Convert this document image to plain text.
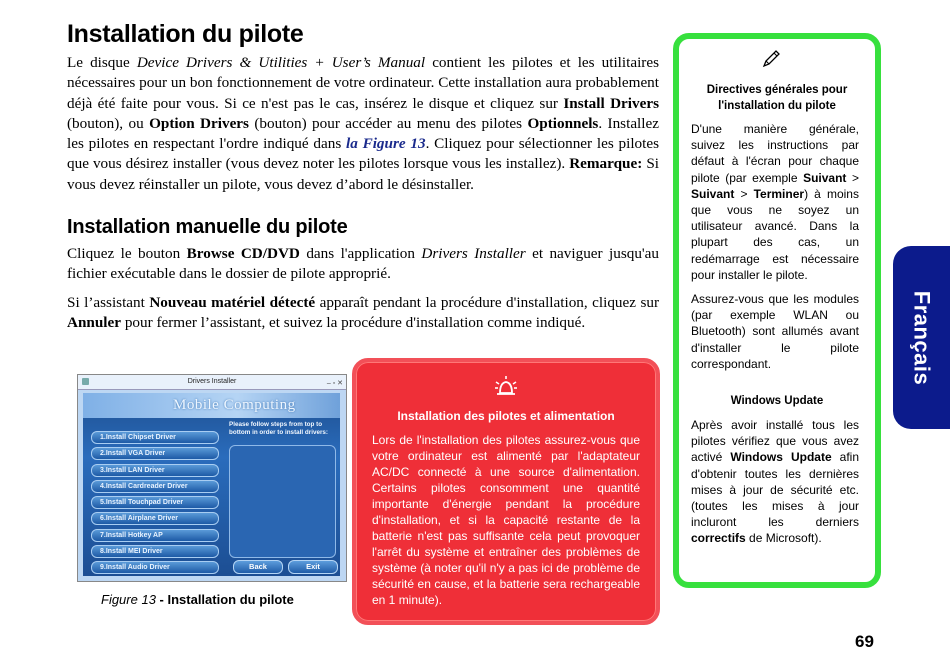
Installation du pilote
Le disque Device Drivers & Utilities + User’s Manual contient les pilotes et les utilitaires nécessaires pour un bon fonctionnement de votre ordinateur. Cette installation aura probablement déjà été faite pour vous. Si ce n'est pas le cas, insérez le disque et cliquez sur Install Drivers (bouton), ou Option Drivers (bouton) pour accéder au menu des pilotes Optionnels. Installez les pilotes en respectant l'ordre indiqué dans la Figure 13. Cliquez pour sélectionner les pilotes que vous désirez installer (vous devez noter les pilotes lorsque vous les installez). Remarque: Si vous devez réinstaller un pilote, vous devez d’abord le désinstaller.
Installation manuelle du pilote
Cliquez le bouton Browse CD/DVD dans l'application Drivers Installer et naviguer jusqu'au fichier exécutable dans le dossier de pilote approprié.
Si l’assistant Nouveau matériel détecté apparaît pendant la procédure d'installation, cliquez sur Annuler pour fermer l’assistant, et suivez la procédure d'installation comme indiqué.
Drivers Installer	– ▫ ✕
Mobile Computing
1.Install Chipset Driver
2.Install VGA Driver
3.Install LAN Driver
4.Install Cardreader Driver
5.Install Touchpad Driver
6.Install Airplane Driver
7.Install Hotkey AP
8.Install MEI Driver
9.Install Audio Driver
Please follow steps from top to bottom in order to install drivers:
Back	Exit
Figure 13 - Installation du pilote
Installation des pilotes et alimentation
Lors de l'installation des pilotes assurez-vous que votre ordinateur est alimenté par l'adaptateur AC/DC connecté à une source d'alimentation. Certains pilotes consomment une quantité importante d'énergie pendant la procédure d'installation, et si la capacité restante de la batterie n'est pas suffisante cela peut provoquer l'arrêt du système et entraîner des problèmes de système (à noter qu'il n'y a pas ici de problème de sécurité en cause, et la batterie sera rechargeable en 1 minute).
Directives générales pour l'installation du pilote
D'une manière générale, suivez les instructions par défaut à l'écran pour chaque pilote (par exemple Suivant > Suivant > Terminer) à moins que vous ne soyez un utilisateur avancé. Dans la plupart des cas, un redémarrage est nécessaire pour installer le pilote.
Assurez-vous que les modules (par exemple WLAN ou Bluetooth) sont allumés avant d'installer le pilote correspondant.
Windows Update
Après avoir installé tous les pilotes vérifiez que vous avez activé Windows Update afin d'obtenir toutes les dernières mises à jour de sécurité etc. (toutes les mises à jour incluront les derniers correctifs de Microsoft).
Français
69
